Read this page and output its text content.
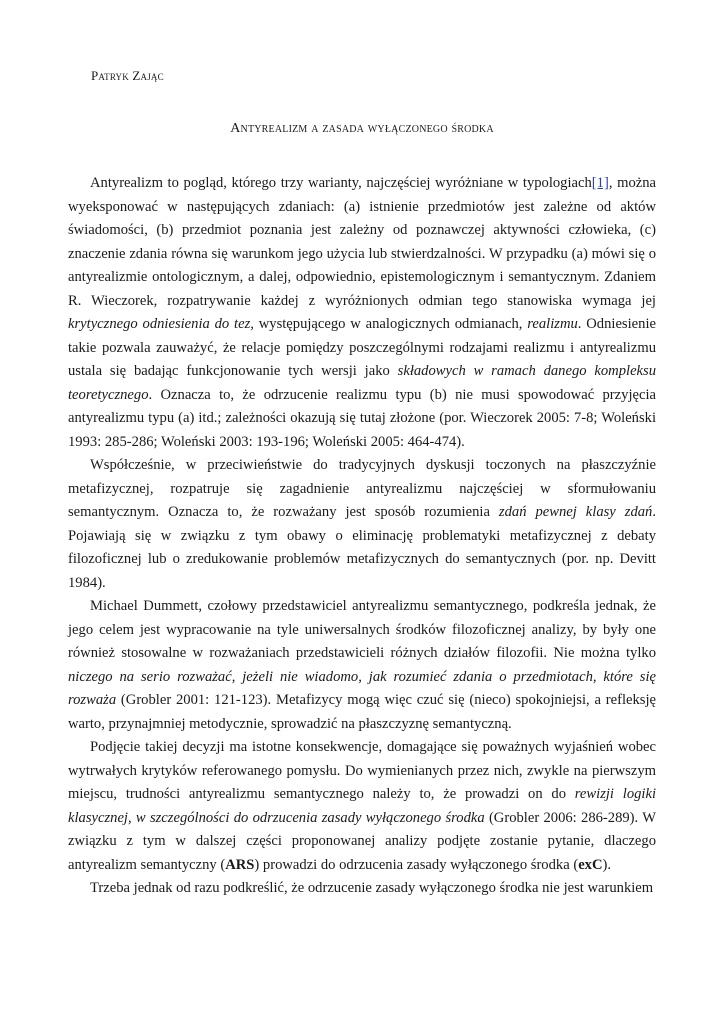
Patryk Zając
Antyrealizm a zasada wyłączonego środka

Antyrealizm to pogląd, którego trzy warianty, najczęściej wyróżniane w typologiach[1], można wyeksponować w następujących zdaniach: (a) istnienie przedmiotów jest zależne od aktów świadomości, (b) przedmiot poznania jest zależny od poznawczej aktywności człowieka, (c) znaczenie zdania równa się warunkom jego użycia lub stwierdzalności. W przypadku (a) mówi się o antyrealizmie ontologicznym, a dalej, odpowiednio, epistemologicznym i semantycznym. Zdaniem R. Wieczorek, rozpatrywanie każdej z wyróżnionych odmian tego stanowiska wymaga jej krytycznego odniesienia do tez, występującego w analogicznych odmianach, realizmu. Odniesienie takie pozwala zauważyć, że relacje pomiędzy poszczególnymi rodzajami realizmu i antyrealizmu ustala się badając funkcjonowanie tych wersji jako składowych w ramach danego kompleksu teoretycznego. Oznacza to, że odrzucenie realizmu typu (b) nie musi spowodować przyjęcia antyrealizmu typu (a) itd.; zależności okazują się tutaj złożone (por. Wieczorek 2005: 7-8; Woleński 1993: 285-286; Woleński 2003: 193-196; Woleński 2005: 464-474).

Współcześnie, w przeciwieństwie do tradycyjnych dyskusji toczonych na płaszczyźnie metafizycznej, rozpatruje się zagadnienie antyrealizmu najczęściej w sformułowaniu semantycznym. Oznacza to, że rozważany jest sposób rozumienia zdań pewnej klasy zdań. Pojawiają się w związku z tym obawy o eliminację problematyki metafizycznej z debaty filozoficznej lub o zredukowanie problemów metafizycznych do semantycznych (por. np. Devitt 1984).

Michael Dummett, czołowy przedstawiciel antyrealizmu semantycznego, podkreśla jednak, że jego celem jest wypracowanie na tyle uniwersalnych środków filozoficznej analizy, by były one również stosowalne w rozważaniach przedstawicieli różnych działów filozofii. Nie można tylko niczego na serio rozważać, jeżeli nie wiadomo, jak rozumieć zdania o przedmiotach, które się rozważa (Grobler 2001: 121-123). Metafizycy mogą więc czuć się (nieco) spokojniejsi, a refleksję warto, przynajmniej metodycznie, sprowadzić na płaszczyznę semantyczną.

Podjęcie takiej decyzji ma istotne konsekwencje, domagające się poważnych wyjaśnień wobec wytrwałych krytyków referowanego pomysłu. Do wymienianych przez nich, zwykle na pierwszym miejscu, trudności antyrealizmu semantycznego należy to, że prowadzi on do rewizji logiki klasycznej, w szczególności do odrzucenia zasady wyłączonego środka (Grobler 2006: 286-289). W związku z tym w dalszej części proponowanej analizy podjęte zostanie pytanie, dlaczego antyrealizm semantyczny (ARS) prowadzi do odrzucenia zasady wyłączonego środka (exC).

Trzeba jednak od razu podkreślić, że odrzucenie zasady wyłączonego środka nie jest warunkiem
